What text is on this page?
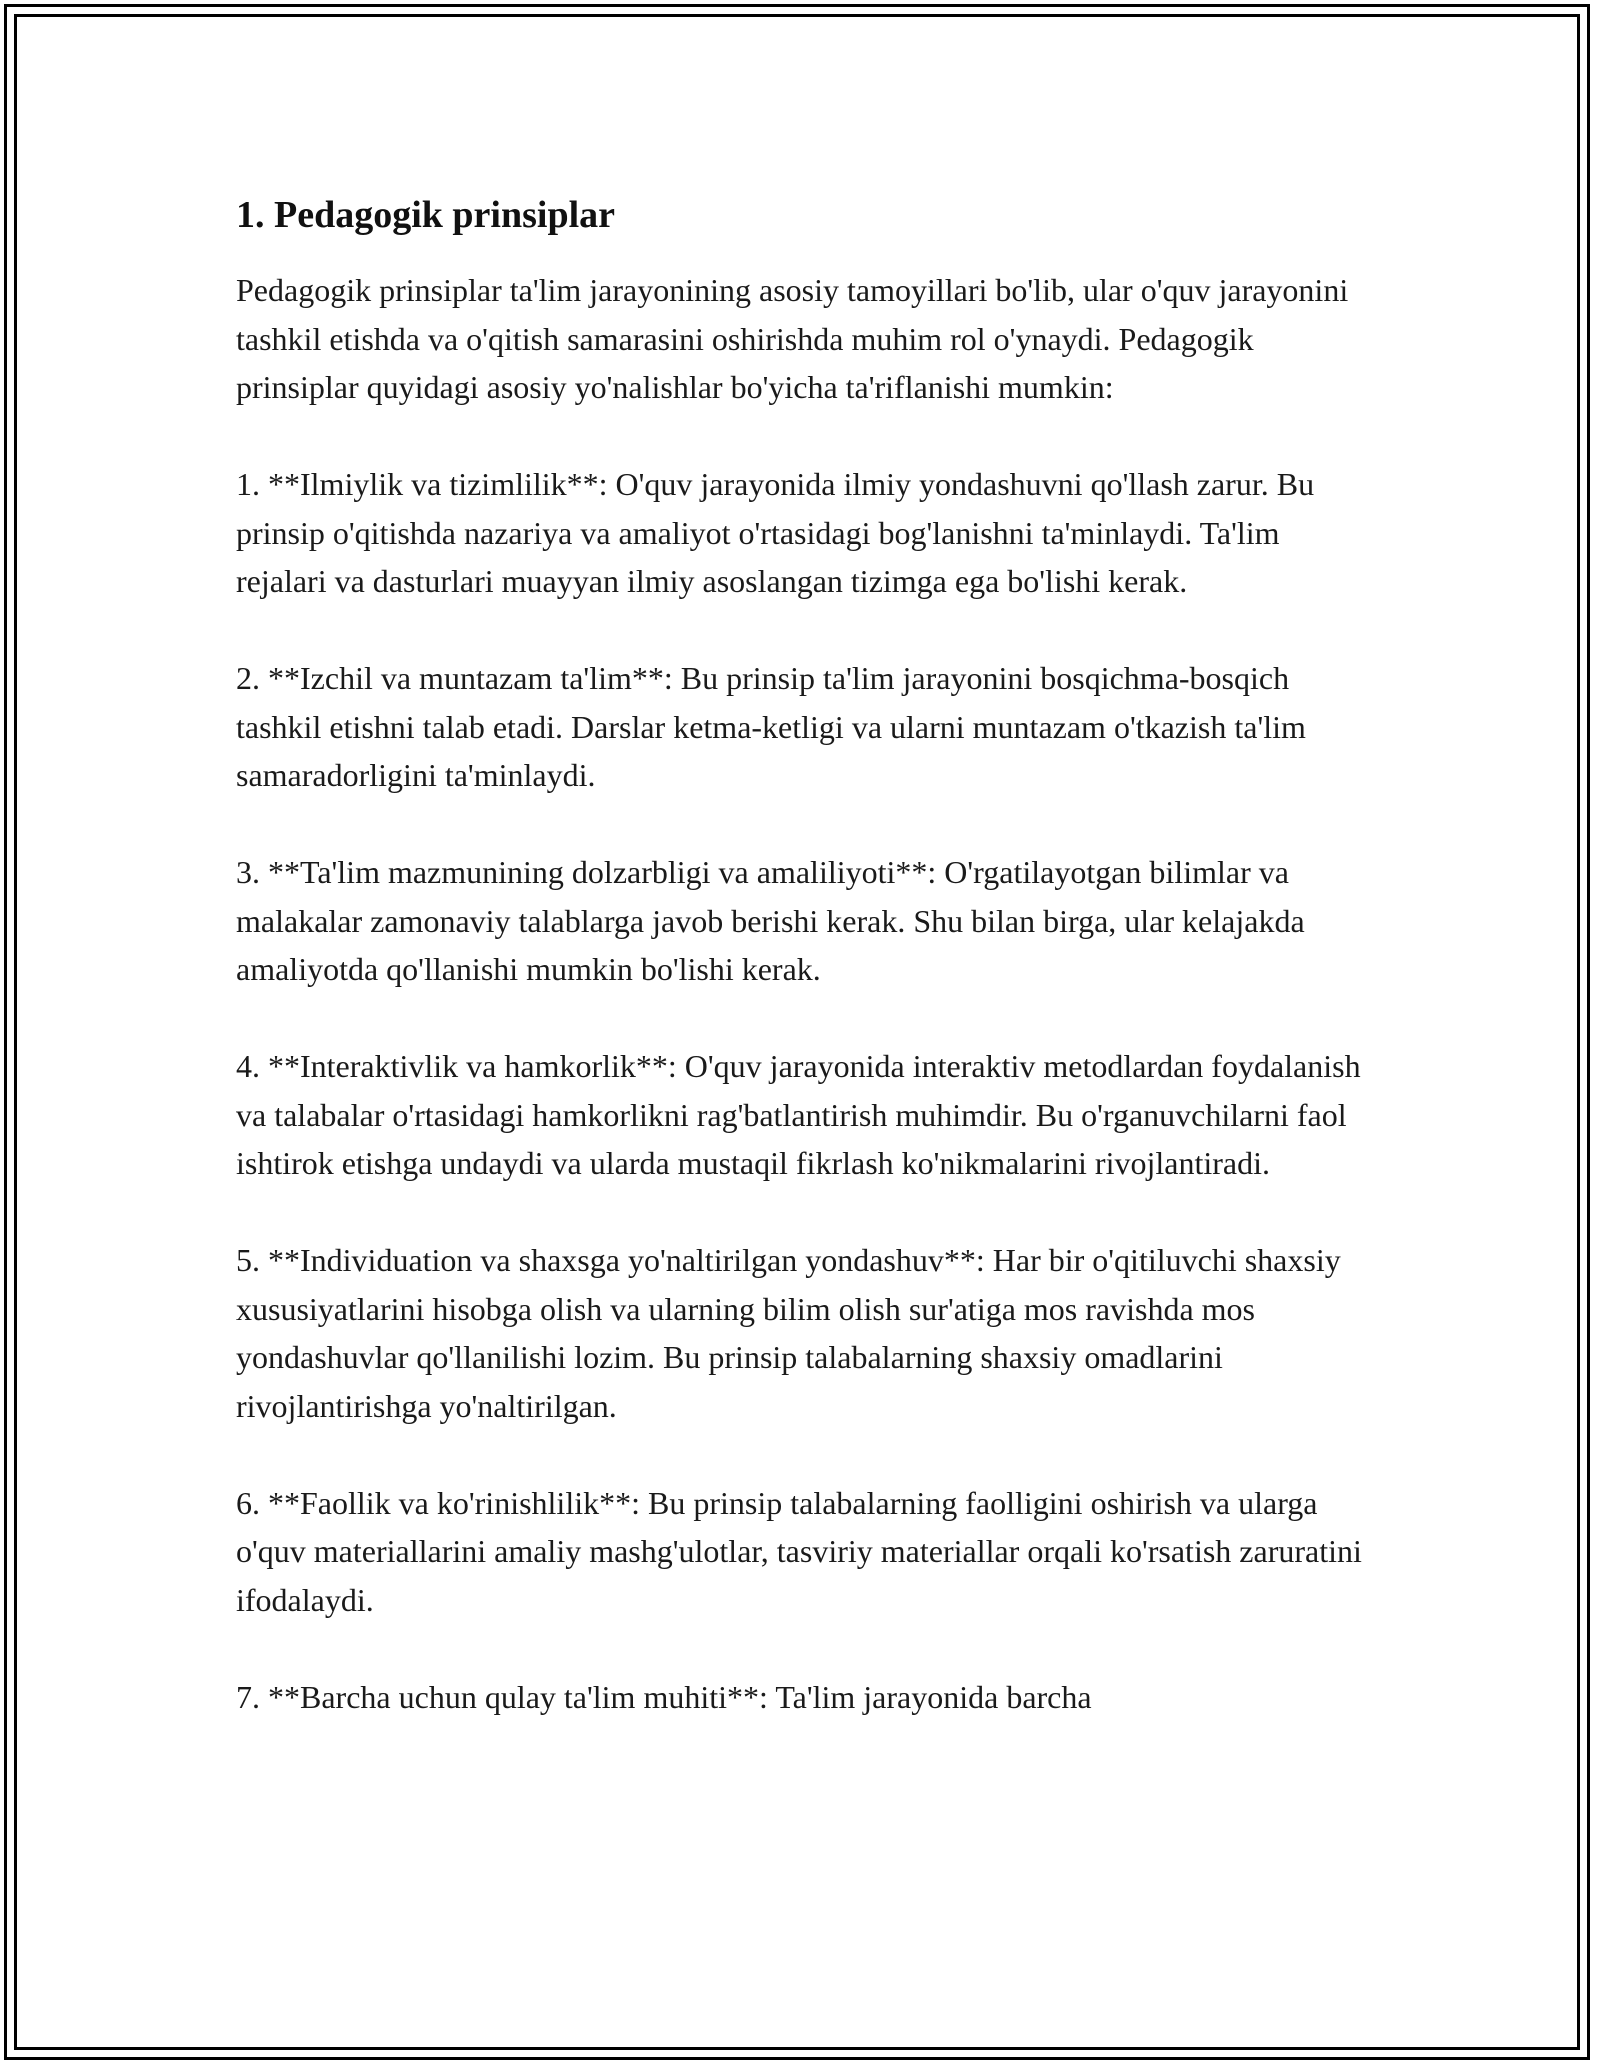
1. Pedagogik prinsiplar

Pedagogik prinsiplar ta'lim jarayonining asosiy tamoyillari bo'lib, ular o'quv jarayonini tashkil etishda va o'qitish samarasini oshirishda muhim rol o'ynaydi. Pedagogik prinsiplar quyidagi asosiy yo'nalishlar bo'yicha ta'riflanishi mumkin:

1. **Ilmiylik va tizimlilik**: O'quv jarayonida ilmiy yondashuvni qo'llash zarur. Bu prinsip o'qitishda nazariya va amaliyot o'rtasidagi bog'lanishni ta'minlaydi. Ta'lim rejalari va dasturlari muayyan ilmiy asoslangan tizimga ega bo'lishi kerak.

2. **Izchil va muntazam ta'lim**: Bu prinsip ta'lim jarayonini bosqichma-bosqich tashkil etishni talab etadi. Darslar ketma-ketligi va ularni muntazam o'tkazish ta'lim samaradorligini ta'minlaydi.

3. **Ta'lim mazmunining dolzarbligi va amaliliyoti**: O'rgatilayotgan bilimlar va malakalar zamonaviy talablarga javob berishi kerak. Shu bilan birga, ular kelajakda amaliyotda qo'llanishi mumkin bo'lishi kerak.

4. **Interaktivlik va hamkorlik**: O'quv jarayonida interaktiv metodlardan foydalanish va talabalar o'rtasidagi hamkorlikni rag'batlantirish muhimdir. Bu o'rganuvchilarni faol ishtirok etishga undaydi va ularda mustaqil fikrlash ko'nikmalarini rivojlantiradi.

5. **Individuation va shaxsga yo'naltirilgan yondashuv**: Har bir o'qitiluvchi shaxsiy xususiyatlarini hisobga olish va ularning bilim olish sur'atiga mos ravishda mos yondashuvlar qo'llanilishi lozim. Bu prinsip talabalarning shaxsiy omadlarini rivojlantirishga yo'naltirilgan.

6. **Faollik va ko'rinishlilik**: Bu prinsip talabalarning faolligini oshirish va ularga o'quv materiallarini amaliy mashg'ulotlar, tasviriy materiallar orqali ko'rsatish zaruratini ifodalaydi.

7. **Barcha uchun qulay ta'lim muhiti**: Ta'lim jarayonida barcha
